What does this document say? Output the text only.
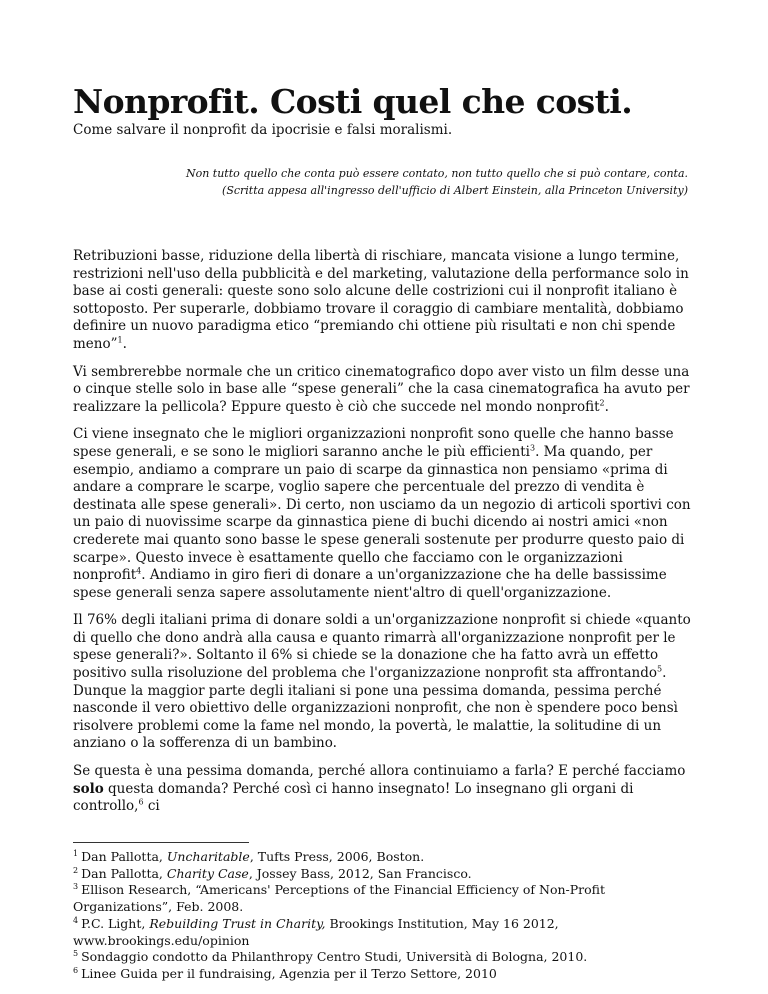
Nonprofit. Costi quel che costi.
Come salvare il nonprofit da ipocrisie e falsi moralismi.
Non tutto quello che conta può essere contato, non tutto quello che si può contare, conta.
(Scritta appesa all'ingresso dell'ufficio di Albert Einstein, alla Princeton University)

Retribuzioni basse, riduzione della libertà di rischiare, mancata visione a lungo termine, restrizioni nell'uso della pubblicità e del marketing, valutazione della performance solo in base ai costi generali: queste sono solo alcune delle costrizioni cui il nonprofit italiano è sottoposto. Per superarle, dobbiamo trovare il coraggio di cambiare mentalità, dobbiamo definire un nuovo paradigma etico “premiando chi ottiene più risultati e non chi spende meno”$^1$.

Vi sembrerebbe normale che un critico cinematografico dopo aver visto un film desse una o cinque stelle solo in base alle “spese generali” che la casa cinematografica ha avuto per realizzare la pellicola? Eppure questo è ciò che succede nel mondo nonprofit$^2$.

Ci viene insegnato che le migliori organizzazioni nonprofit sono quelle che hanno basse spese generali, e se sono le migliori saranno anche le più efficienti$^3$. Ma quando, per esempio, andiamo a comprare un paio di scarpe da ginnastica non pensiamo «prima di andare a comprare le scarpe, voglio sapere che percentuale del prezzo di vendita è destinata alle spese generali». Di certo, non usciamo da un negozio di articoli sportivi con un paio di nuovissime scarpe da ginnastica piene di buchi dicendo ai nostri amici «non crederete mai quanto sono basse le spese generali sostenute per produrre questo paio di scarpe». Questo invece è esattamente quello che facciamo con le organizzazioni nonprofit$^4$. Andiamo in giro fieri di donare a un'organizzazione che ha delle bassissime spese generali senza sapere assolutamente nient'altro di quell'organizzazione.

Il 76% degli italiani prima di donare soldi a un'organizzazione nonprofit si chiede «quanto di quello che dono andrà alla causa e quanto rimarrà all'organizzazione nonprofit per le spese generali?». Soltanto il 6% si chiede se la donazione che ha fatto avrà un effetto positivo sulla risoluzione del problema che l'organizzazione nonprofit sta affrontando$^5$. Dunque la maggior parte degli italiani si pone una pessima domanda, pessima perché nasconde il vero obiettivo delle organizzazioni nonprofit, che non è spendere poco bensì risolvere problemi come la fame nel mondo, la povertà, le malattie, la solitudine di un anziano o la sofferenza di un bambino.

Se questa è una pessima domanda, perché allora continuiamo a farla? E perché facciamo solo questa domanda? Perché così ci hanno insegnato! Lo insegnano gli organi di controllo,$^6$ ci

$^1$ Dan Pallotta, Uncharitable, Tufts Press, 2006, Boston.

$^2$ Dan Pallotta, Charity Case, Jossey Bass, 2012, San Francisco.

$^3$ Ellison Research, “Americans' Perceptions of the Financial Efficiency of Non-Profit Organizations”, Feb. 2008.

$^4$ P.C. Light, Rebuilding Trust in Charity, Brookings Institution, May 16 2012, www.brookings.edu/opinion

$^5$ Sondaggio condotto da Philanthropy Centro Studi, Università di Bologna, 2010.

$^6$ Linee Guida per il fundraising, Agenzia per il Terzo Settore, 2010
